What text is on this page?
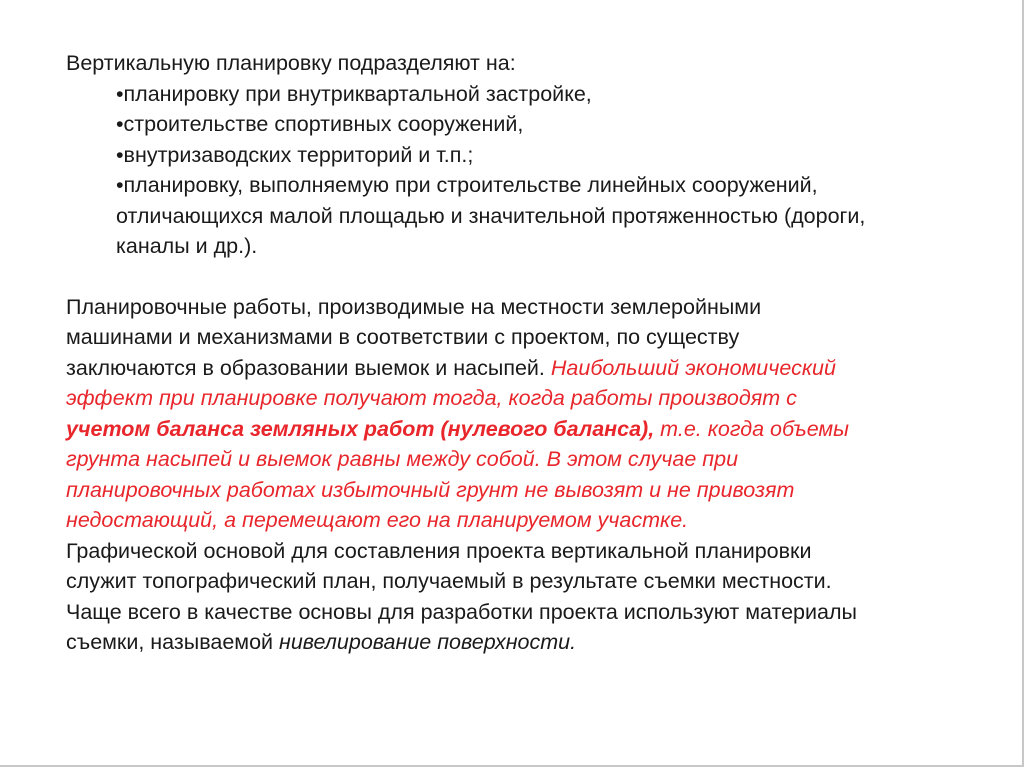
Вертикальную планировку подразделяют на:
•планировку при внутриквартальной застройке,
•строительстве спортивных сооружений,
•внутризаводских территорий и т.п.;
•планировку, выполняемую при строительстве линейных сооружений,
отличающихся малой площадью и значительной протяженностью (дороги,
каналы и др.).
Планировочные работы, производимые на местности землеройными
машинами и механизмами в соответствии с проектом, по существу
заключаются в образовании выемок и насыпей. Наибольший экономический
эффект при планировке получают тогда, когда работы производят с
учетом баланса земляных работ (нулевого баланса), т.е. когда объемы
грунта насыпей и выемок равны между собой. В этом случае при
планировочных работах избыточный грунт не вывозят и не привозят
недостающий, а перемещают его на планируемом участке.
Графической основой для составления проекта вертикальной планировки
служит топографический план, получаемый в результате съемки местности.
Чаще всего в качестве основы для разработки проекта используют материалы
съемки, называемой нивелирование поверхности.
